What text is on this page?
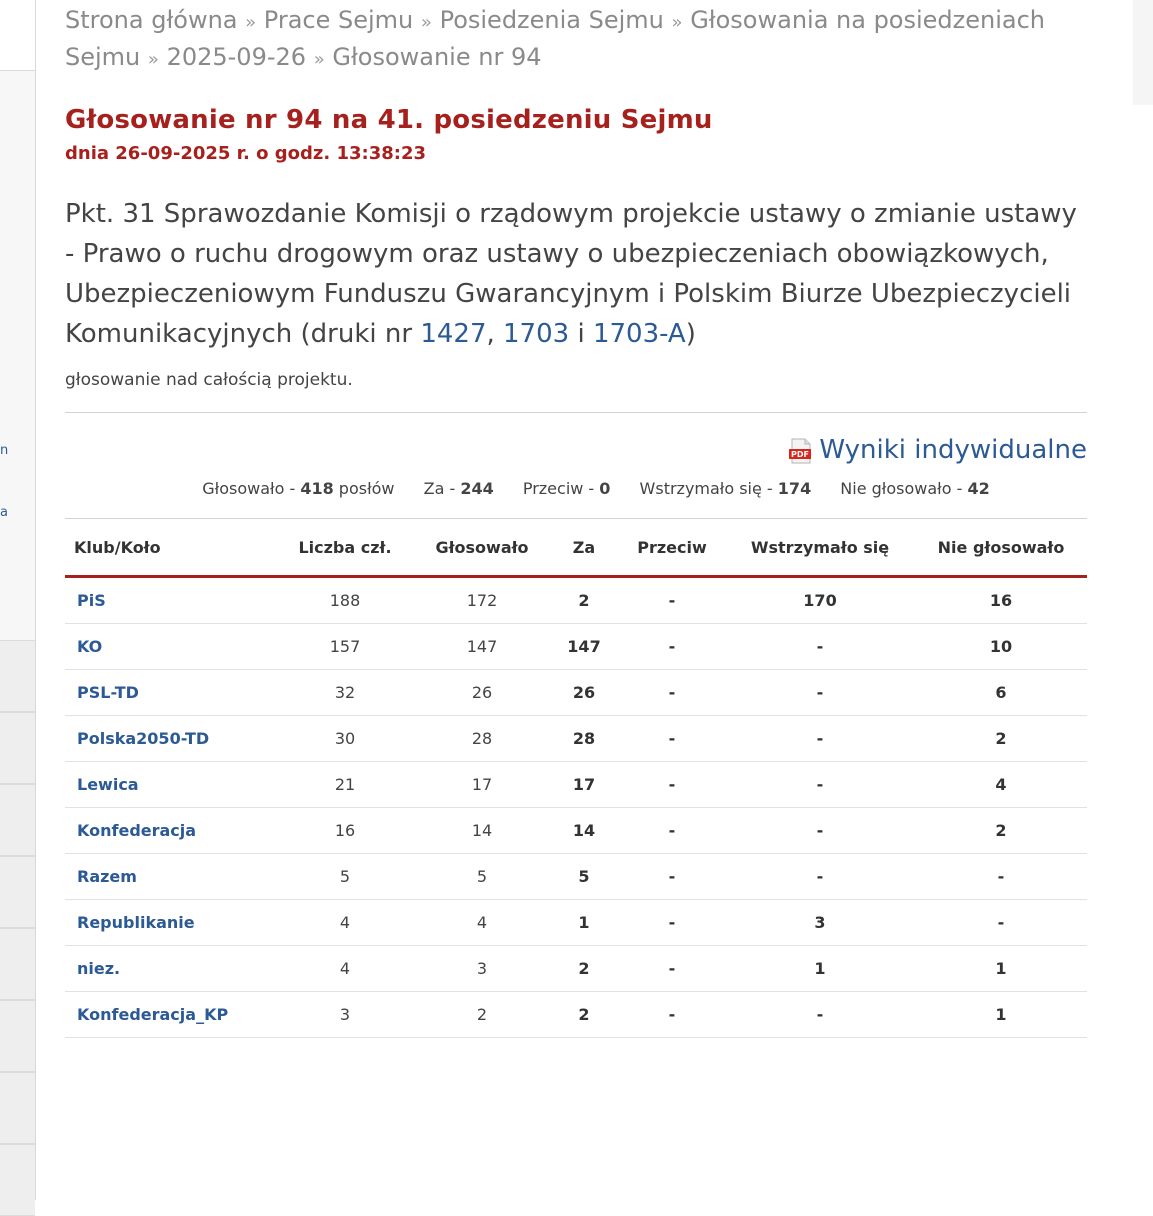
n
a
Strona główna » Prace Sejmu » Posiedzenia Sejmu » Głosowania na posiedzeniach Sejmu » 2025-09-26 » Głosowanie nr 94
Głosowanie nr 94 na 41. posiedzeniu Sejmu
dnia 26-09-2025 r. o godz. 13:38:23
Pkt. 31 Sprawozdanie Komisji o rządowym projekcie ustawy o zmianie ustawy - Prawo o ruchu drogowym oraz ustawy o ubezpieczeniach obowiązkowych, Ubezpieczeniowym Funduszu Gwarancyjnym i Polskim Biurze Ubezpieczycieli Komunikacyjnych (druki nr 1427, 1703 i 1703-A)
głosowanie nad całością projektu.
PDF Wyniki indywidualne
Głosowało - 418 posłów Za - 244 Przeciw - 0 Wstrzymało się - 174 Nie głosowało - 42
Klub/Koło	Liczba czł.	Głosowało	Za	Przeciw	Wstrzymało się	Nie głosowało
PiS	188	172	2	-	170	16
KO	157	147	147	-	-	10
PSL-TD	32	26	26	-	-	6
Polska2050-TD	30	28	28	-	-	2
Lewica	21	17	17	-	-	4
Konfederacja	16	14	14	-	-	2
Razem	5	5	5	-	-	-
Republikanie	4	4	1	-	3	-
niez.	4	3	2	-	1	1
Konfederacja_KP	3	2	2	-	-	1
